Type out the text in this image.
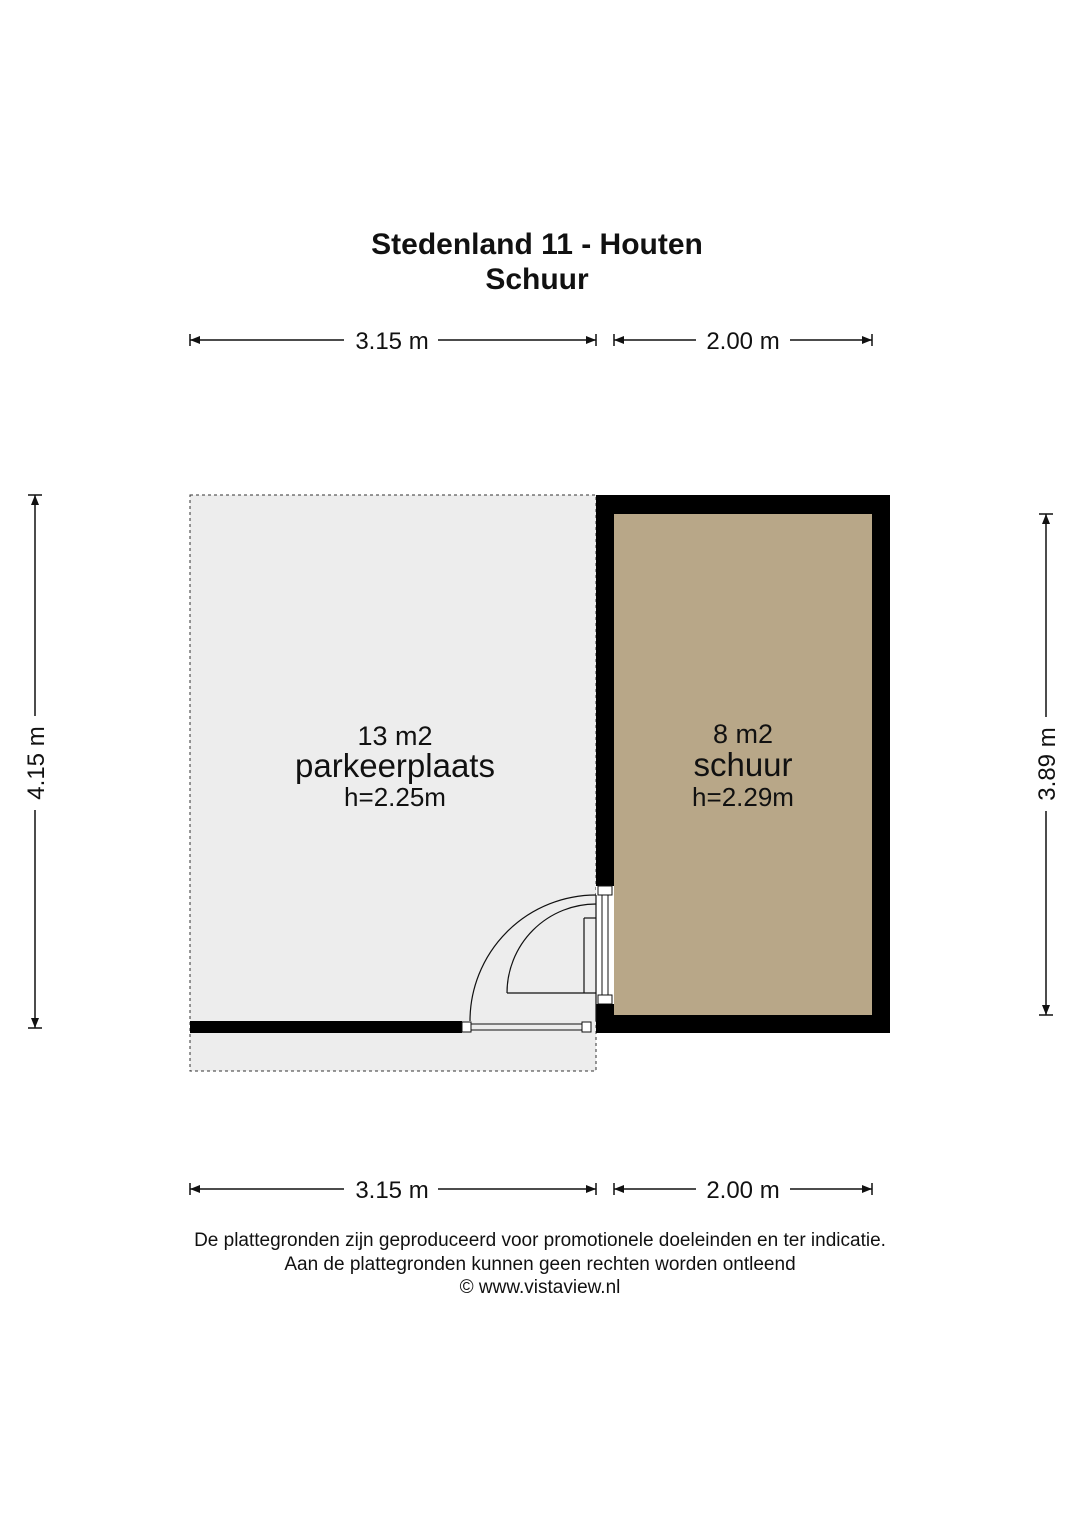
Stedenland 11 - Houten
Schuur
3.15 m	2.00 m
13 m2
parkeerplaats
h=2.25m
8 m2
schuur
h=2.29m
4.15 m	3.89 m
3.15 m	2.00 m

De plattegronden zijn geproduceerd voor promotionele doeleinden en ter indicatie.

Aan de plattegronden kunnen geen rechten worden ontleend

© www.vistaview.nl
